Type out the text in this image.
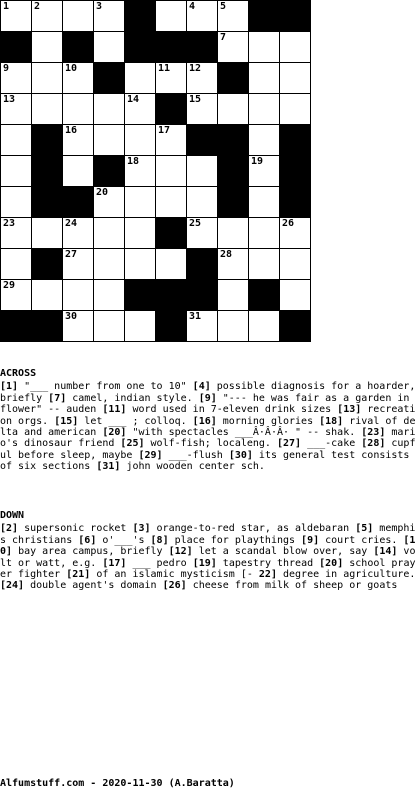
1	2		3			4	5		

							7		

9		10			11	12			

13				14		15			

		16			17				

				18				19	

			20						

23		24				25			26

		27					28		

29									

		30				31			

ACROSS
[1] "___ number from one to 10" [4] possible diagnosis for a hoarder, briefly [7] camel, indian style. [9] "--- he was fair as a garden in flower" -- auden [11] word used in 7-eleven drink sizes [13] recreation orgs. [15] let ___ ; colloq. [16] morning glories [18] rival of delta and american [20] "with spectacles ___Â·Â·Â· " -- shak. [23] mario's dinosaur friend [25] wolf-fish; localeng. [27] ___-cake [28] cupful before sleep, maybe [29] ___-flush [30] its general test consists of six sections [31] john wooden center sch.
DOWN
[2] supersonic rocket [3] orange-to-red star, as aldebaran [5] memphis christians [6] o'___'s [8] place for playthings [9] court cries. [10] bay area campus, briefly [12] let a scandal blow over, say [14] volt or watt, e.g. [17] ___ pedro [19] tapestry thread [20] school prayer fighter [21] of an islamic mysticism [- 22] degree in agriculture. [24] double agent's domain [26] cheese from milk of sheep or goats
Alfumstuff.com - 2020-11-30 (A.Baratta)
